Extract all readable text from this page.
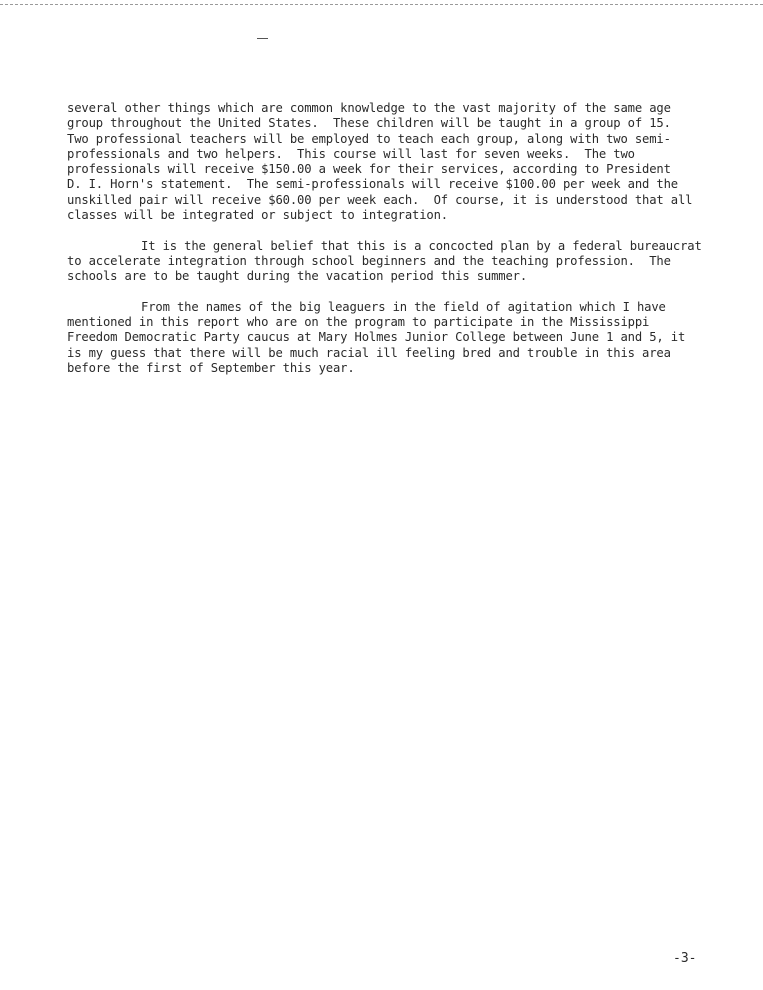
several other things which are common knowledge to the vast majority of the same age
group throughout the United States.  These children will be taught in a group of 15.
Two professional teachers will be employed to teach each group, along with two semi-
professionals and two helpers.  This course will last for seven weeks.  The two
professionals will receive $150.00 a week for their services, according to President
D. I. Horn's statement.  The semi-professionals will receive $100.00 per week and the
unskilled pair will receive $60.00 per week each.  Of course, it is understood that all
classes will be integrated or subject to integration.
It is the general belief that this is a concocted plan by a federal bureaucrat
to accelerate integration through school beginners and the teaching profession.  The
schools are to be taught during the vacation period this summer.
From the names of the big leaguers in the field of agitation which I have
mentioned in this report who are on the program to participate in the Mississippi
Freedom Democratic Party caucus at Mary Holmes Junior College between June 1 and 5, it
is my guess that there will be much racial ill feeling bred and trouble in this area
before the first of September this year.
-3-
